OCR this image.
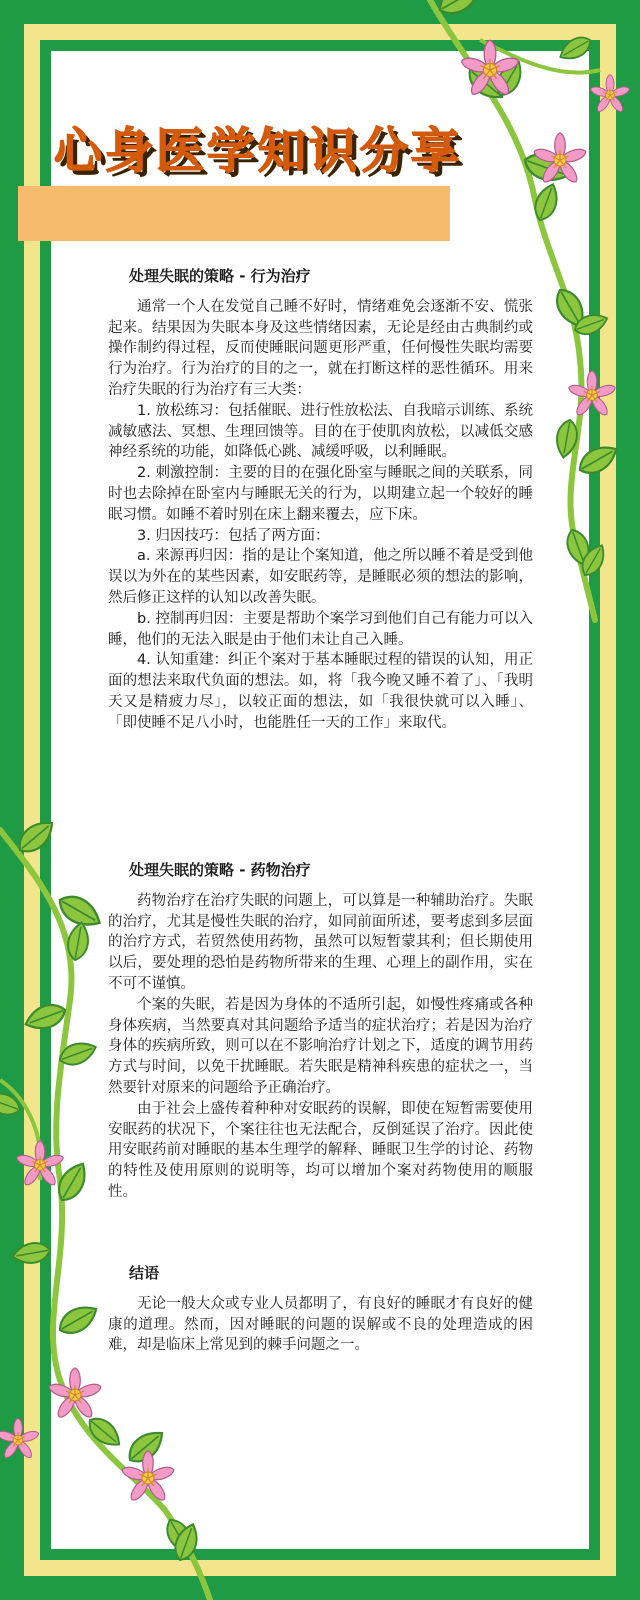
心身医学知识分享
处理失眠的策略 - 行为治疗

通常一个人在发觉自己睡不好时，情绪难免会逐渐不安、慌张起来。结果因为失眠本身及这些情绪因素，无论是经由古典制约或操作制约得过程，反而使睡眠问题更形严重，任何慢性失眠均需要行为治疗。行为治疗的目的之一，就在打断这样的恶性循环。用来治疗失眠的行为治疗有三大类：

1. 放松练习：包括催眠、进行性放松法、自我暗示训练、系统减敏感法、冥想、生理回馈等。目的在于使肌肉放松，以减低交感神经系统的功能，如降低心跳、减缓呼吸，以利睡眠。

2. 刺激控制：主要的目的在强化卧室与睡眠之间的关联系，同时也去除掉在卧室内与睡眠无关的行为，以期建立起一个较好的睡眠习惯。如睡不着时别在床上翻来覆去，应下床。

3. 归因技巧：包括了两方面：

a. 来源再归因：指的是让个案知道，他之所以睡不着是受到他误以为外在的某些因素，如安眠药等，是睡眠必须的想法的影响，然后修正这样的认知以改善失眠。

b. 控制再归因：主要是帮助个案学习到他们自己有能力可以入睡，他们的无法入眠是由于他们未让自己入睡。

4. 认知重建：纠正个案对于基本睡眠过程的错误的认知，用正面的想法来取代负面的想法。如，将「我今晚又睡不着了」、「我明天又是精疲力尽」，以较正面的想法，如「我很快就可以入睡」、「即使睡不足八小时，也能胜任一天的工作」来取代。

处理失眠的策略 - 药物治疗

药物治疗在治疗失眠的问题上，可以算是一种辅助治疗。失眠的治疗，尤其是慢性失眠的治疗，如同前面所述，要考虑到多层面的治疗方式，若贸然使用药物，虽然可以短暂蒙其利；但长期使用以后，要处理的恐怕是药物所带来的生理、心理上的副作用，实在不可不谨慎。

个案的失眠，若是因为身体的不适所引起，如慢性疼痛或各种身体疾病，当然要真对其问题给予适当的症状治疗；若是因为治疗身体的疾病所致，则可以在不影响治疗计划之下，适度的调节用药方式与时间，以免干扰睡眠。若失眠是精神科疾患的症状之一，当然要针对原来的问题给予正确治疗。

由于社会上盛传着种种对安眠药的误解，即使在短暂需要使用安眠药的状况下，个案往往也无法配合，反倒延误了治疗。因此使用安眠药前对睡眠的基本生理学的解释、睡眠卫生学的讨论、药物的特性及使用原则的说明等，均可以增加个案对药物使用的顺服性。

结语

无论一般大众或专业人员都明了，有良好的睡眠才有良好的健康的道理。然而，因对睡眠的问题的误解或不良的处理造成的困难，却是临床上常见到的棘手问题之一。
